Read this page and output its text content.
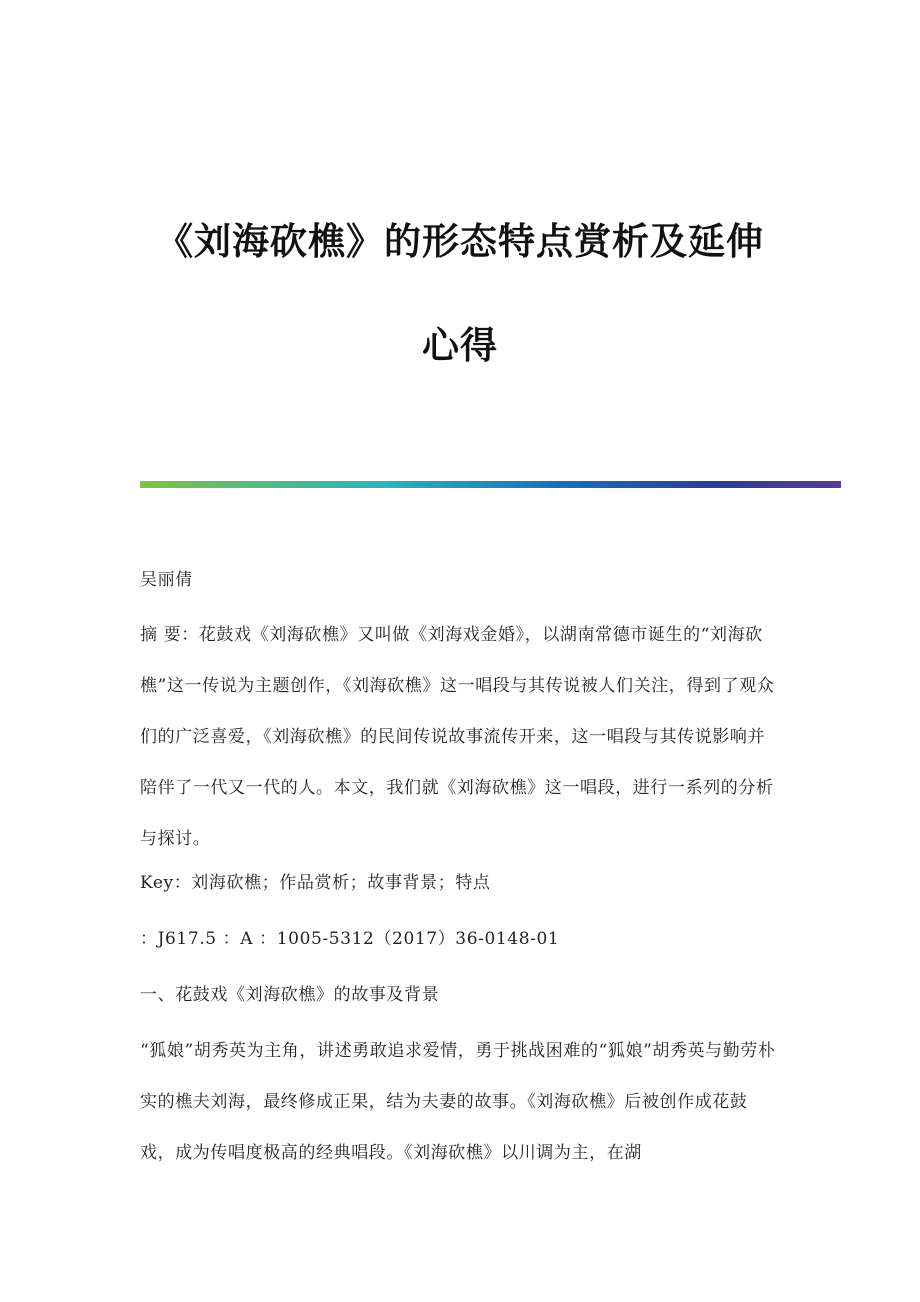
《刘海砍樵》的形态特点赏析及延伸心得

吴丽倩

摘 要：花鼓戏《刘海砍樵》又叫做《刘海戏金婚》，以湖南常德市诞生的“刘海砍樵”这一传说为主题创作，《刘海砍樵》这一唱段与其传说被人们关注，得到了观众们的广泛喜爱，《刘海砍樵》的民间传说故事流传开来，这一唱段与其传说影响并陪伴了一代又一代的人。本文，我们就《刘海砍樵》这一唱段，进行一系列的分析与探讨。

Key：刘海砍樵；作品赏析；故事背景；特点

：J617.5 ：A ：1005-5312（2017）36-0148-01

一、花鼓戏《刘海砍樵》的故事及背景

“狐娘”胡秀英为主角，讲述勇敢追求爱情，勇于挑战困难的“狐娘”胡秀英与勤劳朴实的樵夫刘海，最终修成正果，结为夫妻的故事。《刘海砍樵》后被创作成花鼓戏，成为传唱度极高的经典唱段。《刘海砍樵》以川调为主，在湖
